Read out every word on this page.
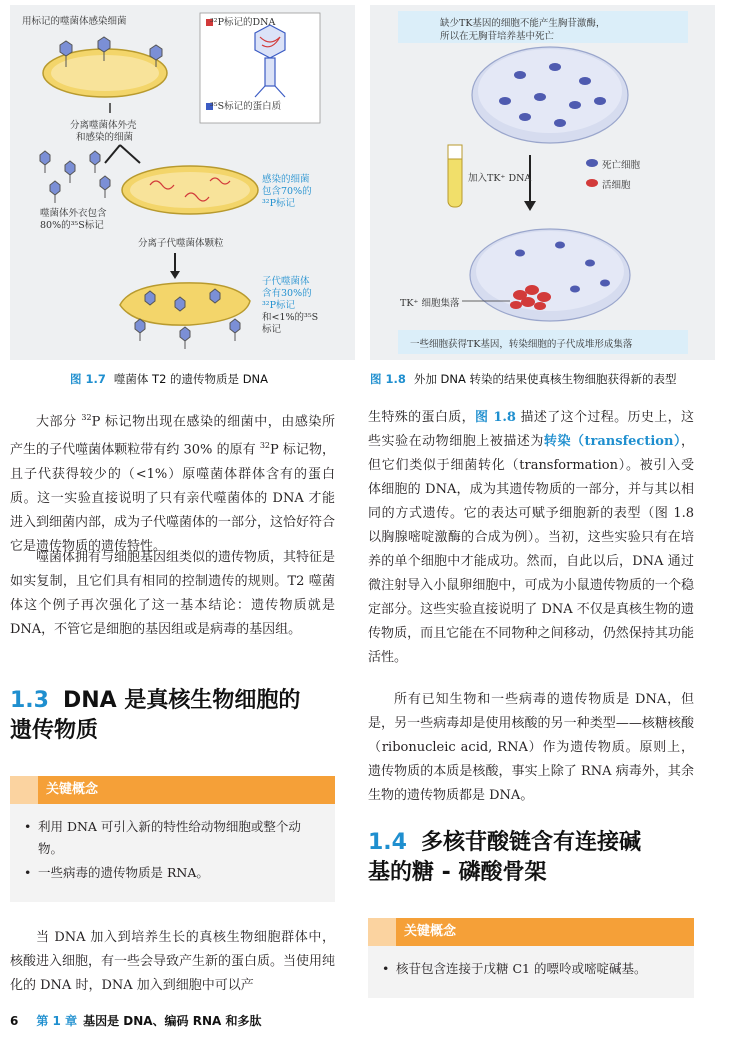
用标记的噬菌体感染细菌	³²P标记的DNA
³⁵S标记的蛋白质
分离噬菌体外壳
和感染的细菌
噬菌体外衣包含
80%的³⁵S标记
感染的细菌
包含70%的
³²P标记
分离子代噬菌体颗粒
子代噬菌体
含有30%的
³²P标记
和<1%的³⁵S
标记
缺少TK基因的细胞不能产生胸苷激酶，
所以在无胸苷培养基中死亡
加入TK⁺ DNA
死亡细胞
活细胞
TK⁺ 细胞集落
一些细胞获得TK基因，转染细胞的子代成堆形成集落
图 1.7 噬菌体 T2 的遗传物质是 DNA	图 1.8 外加 DNA 转染的结果使真核生物细胞获得新的表型

大部分 $^{32}$P 标记物出现在感染的细菌中，由感染所产生的子代噬菌体颗粒带有约 30% 的原有 $^{32}$P 标记物，且子代获得较少的（<1%）原噬菌体群体含有的蛋白质。这一实验直接说明了只有亲代噬菌体的 DNA 才能进入到细菌内部，成为子代噬菌体的一部分，这恰好符合它是遗传物质的遗传特性。

噬菌体拥有与细胞基因组类似的遗传物质，其特征是如实复制，且它们具有相同的控制遗传的规则。T2 噬菌体这个例子再次强化了这一基本结论：遗传物质就是 DNA，不管它是细胞的基因组或是病毒的基因组。

1.3 DNA 是真核生物细胞的
遗传物质
关键概念
• 利用 DNA 可引入新的特性给动物细胞或整个动物。
• 一些病毒的遗传物质是 RNA。

当 DNA 加入到培养生长的真核生物细胞群体中，核酸进入细胞，有一些会导致产生新的蛋白质。当使用纯化的 DNA 时，DNA 加入到细胞中可以产

生特殊的蛋白质，图 1.8 描述了这个过程。历史上，这些实验在动物细胞上被描述为转染（transfection），但它们类似于细菌转化（transformation）。被引入受体细胞的 DNA，成为其遗传物质的一部分，并与其以相同的方式遗传。它的表达可赋予细胞新的表型（图 1.8 以胸腺嘧啶激酶的合成为例）。当初，这些实验只有在培养的单个细胞中才能成功。然而，自此以后，DNA 通过微注射导入小鼠卵细胞中，可成为小鼠遗传物质的一个稳定部分。这些实验直接说明了 DNA 不仅是真核生物的遗传物质，而且它能在不同物种之间移动，仍然保持其功能活性。

所有已知生物和一些病毒的遗传物质是 DNA，但是，另一些病毒却是使用核酸的另一种类型——核糖核酸（ribonucleic acid, RNA）作为遗传物质。原则上，遗传物质的本质是核酸，事实上除了 RNA 病毒外，其余生物的遗传物质都是 DNA。

1.4 多核苷酸链含有连接碱
基的糖 - 磷酸骨架
关键概念
• 核苷包含连接于戊糖 C1 的嘌呤或嘧啶碱基。
6 第 1 章 基因是 DNA、编码 RNA 和多肽
